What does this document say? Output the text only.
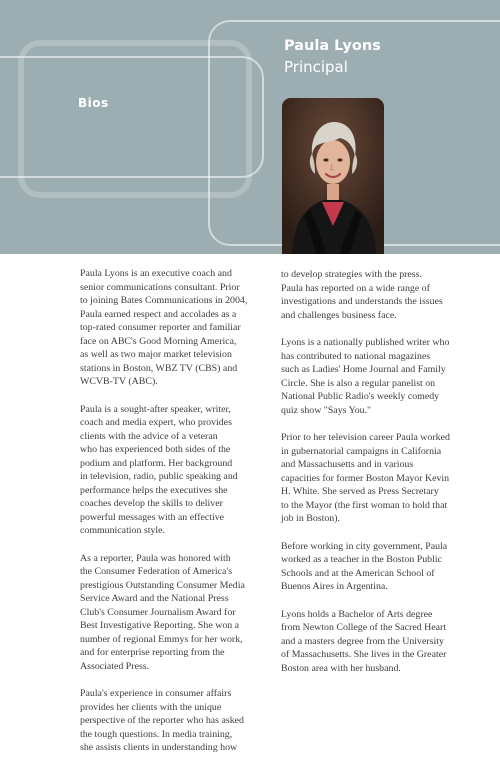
Bios
Paula Lyons
Principal

Paula Lyons is an executive coach and
senior communications consultant. Prior
to joining Bates Communications in 2004,
Paula earned respect and accolades as a
top-rated consumer reporter and familiar
face on ABC's Good Morning America,
as well as two major market television
stations in Boston, WBZ TV (CBS) and
WCVB-TV (ABC).

Paula is a sought-after speaker, writer,
coach and media expert, who provides
clients with the advice of a veteran
who has experienced both sides of the
podium and platform. Her background
in television, radio, public speaking and
performance helps the executives she
coaches develop the skills to deliver
powerful messages with an effective
communication style.

As a reporter, Paula was honored with
the Consumer Federation of America's
prestigious Outstanding Consumer Media
Service Award and the National Press
Club's Consumer Journalism Award for
Best Investigative Reporting. She won a
number of regional Emmys for her work,
and for enterprise reporting from the
Associated Press.

Paula's experience in consumer affairs
provides her clients with the unique
perspective of the reporter who has asked
the tough questions. In media training,
she assists clients in understanding how

to develop strategies with the press.
Paula has reported on a wide range of
investigations and understands the issues
and challenges business face.

Lyons is a nationally published writer who
has contributed to national magazines
such as Ladies' Home Journal and Family
Circle. She is also a regular panelist on
National Public Radio's weekly comedy
quiz show "Says You."

Prior to her television career Paula worked
in gubernatorial campaigns in California
and Massachusetts and in various
capacities for former Boston Mayor Kevin
H. White. She served as Press Secretary
to the Mayor (the first woman to hold that
job in Boston).

Before working in city government, Paula
worked as a teacher in the Boston Public
Schools and at the American School of
Buenos Aires in Argentina.

Lyons holds a Bachelor of Arts degree
from Newton College of the Sacred Heart
and a masters degree from the University
of Massachusetts. She lives in the Greater
Boston area with her husband.
